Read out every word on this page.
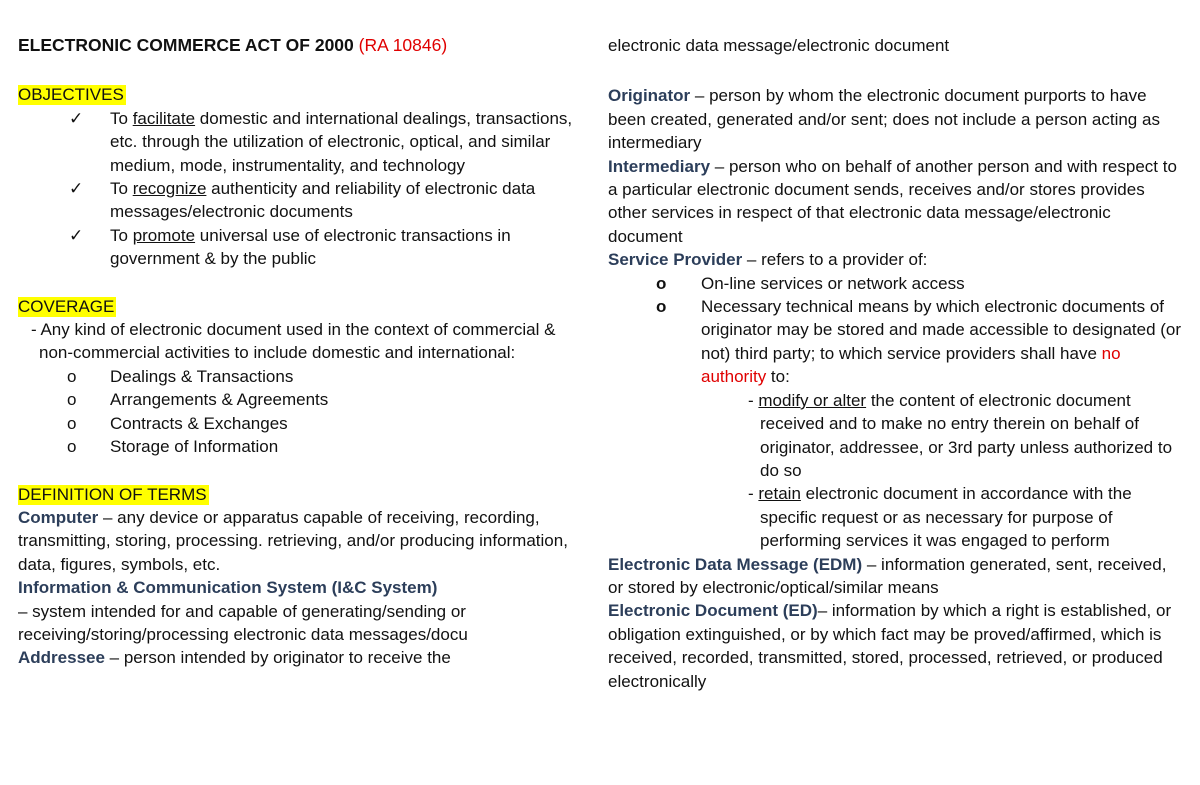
ELECTRONIC COMMERCE ACT OF 2000 (RA 10846)

OBJECTIVES
✓ To facilitate domestic and international dealings, transactions, etc. through the utilization of electronic, optical, and similar medium, mode, instrumentality, and technology
✓ To recognize authenticity and reliability of electronic data messages/electronic documents
✓ To promote universal use of electronic transactions in government & by the public
COVERAGE

- Any kind of electronic document used in the context of commercial & non-commercial activities to include domestic and international:

o Dealings & Transactions
o Arrangements & Agreements
o Contracts & Exchanges
o Storage of Information
DEFINITION OF TERMS

Computer – any device or apparatus capable of receiving, recording, transmitting, storing, processing. retrieving, and/or producing information, data, figures, symbols, etc.

Information & Communication System (I&C System)
– system intended for and capable of generating/sending or receiving/storing/processing electronic data messages/docu

Addressee – person intended by originator to receive the

electronic data message/electronic document

Originator – person by whom the electronic document purports to have been created, generated and/or sent; does not include a person acting as intermediary

Intermediary – person who on behalf of another person and with respect to a particular electronic document sends, receives and/or stores provides other services in respect of that electronic data message/electronic document

Service Provider – refers to a provider of:

o On-line services or network access
o Necessary technical means by which electronic documents of originator may be stored and made accessible to designated (or not) third party; to which service providers shall have no authority to:
- modify or alter the content of electronic document received and to make no entry therein on behalf of originator, addressee, or 3rd party unless authorized to do so
- retain electronic document in accordance with the specific request or as necessary for purpose of performing services it was engaged to perform

Electronic Data Message (EDM) – information generated, sent, received, or stored by electronic/optical/similar means

Electronic Document (ED)– information by which a right is established, or obligation extinguished, or by which fact may be proved/affirmed, which is received, recorded, transmitted, stored, processed, retrieved, or produced electronically
